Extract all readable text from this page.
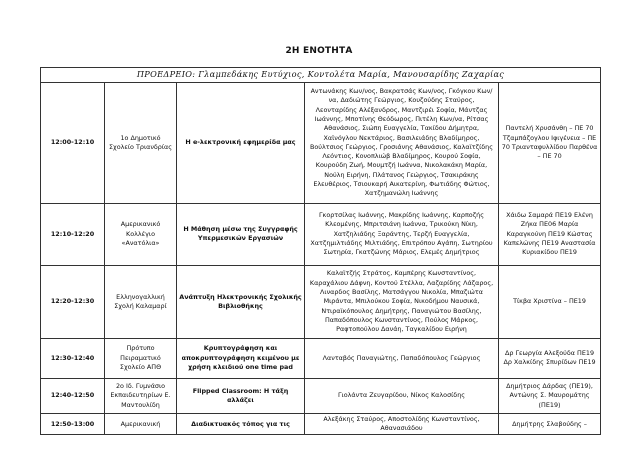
2Η ΕΝΟΤΗΤΑ
ΠΡΟΕΔΡΕΙΟ: Γλαμπεδάκης Ευτύχιος, Κοντολέτα Μαρία, Μανουσαρίδης Ζαχαρίας				
12:00-12:10	1ο Δημοτικό Σχολείο Τριανδρίας	Η e-λεκτρονική εφημερίδα μας	Αντωνάκης Κων/νος, Βακρατσάς Κων/νος, Γκόγκου Κων/να, Δαδιώτης Γεώργιος, Κουζούδης Σταύρος, Λεονταρίδης Αλέξανδρος, Μαντζιρέι Σοφία, Μάντζας Ιωάννης, Μποτίνης Θεόδωρος, Πιτέλη Κων/να, Ρίτσας Αθανάσιος, Σιώπη Ευαγγελία, Τακίδου Δήμητρα, Χαϊνόγλου Νεκτάριος, Βασιλειάδης Βλαδίμηρος, Βούλτσιος Γεώργιος, Γροσιάνης Αθανάσιος, Καλαϊτζίδης Λεόντιος, Κονοπλιώβ Βλαδίμηρος, Κουρού Σοφία, Κουρούδη Ζωή, Μουμτζή Ιωάννα, Νικολακάκη Μαρία, Νούλη Ειρήνη, Πλάτανος Γεώργιος, Τσακιράκης Ελευθέριος, Τσιουκαρή Αικατερίνη, Φωτιάδης Φώτιος, Χατζημανώλη Ιωάννης	Παντελή Χρυσάνθη – ΠΕ 70 Τζαμπάζογλου Ιφιγένεια – ΠΕ 70 Τριανταφυλλίδου Παρθένα – ΠΕ 70
12:10-12:20	Αμερικανικό Κολλέγιο «Ανατόλια»	Η Μάθηση μέσω της Συγγραφής Υπερμεσικών Εργασιών	Γκορτσίλας Ιωάννης, Μακρίδης Ιωάννης, Καρποζής Κλεομένης, Μπριτσιάνη Ιωάννα, Τρικούκη Νίκη, Χατζηλιάδης Ξαράντης, Τερζή Ευαγγελία, Χατζημιλτιάδης Μιλτιάδης, Επιτρόπου Αγάπη, Σωτηρίου Σωτηρία, Γκατζώνης Μάριος, Ελεμές Δημήτριος	Χάιδω Σαμαρά ΠΕ19 Ελένη Ζήκα ΠΕ06 Μαρία Καραγκούνη ΠΕ19 Κώστας Καπελώνης ΠΕ19 Αναστασία Κυριακίδου ΠΕ19
12:20-12:30	Ελληνογαλλική Σχολή Καλαμαρί	Ανάπτυξη Ηλεκτρονικής Σχολικής Βιβλιοθήκης	Καλαϊτζής Στράτος, Καμπέρης Κωνσταντίνος, Καραχάλιου Δάφνη, Κοντού Στέλλα, Λαζαρίδης Λάζαρος, Λιναρδος Βασίλης, Ματσάγγου Νικολία, Μπαζιώτα Μιράντα, Μπιλούκου Σοφία, Νικοδήμου Ναυσικά, Ντιραϊκόπουλος Δημήτρης, Παναγιώτου Βασίλης, Παπαδόπουλος Κωνσταντίνος, Πούλος Μάρκος, Ραφτοπούλου Δανάη, Ταγκαλίδου Ειρήνη	Τίκβα Χριστίνα – ΠΕ19
12:30-12:40	Πρότυπο Πειραματικό Σχολείο ΑΠΘ	Κρυπτογράφηση και αποκρυπτογράφηση κειμένου με χρήση κλειδιού one time pad	Λανταβός Παναγιώτης, Παπαδόπουλος Γεώργιος	Δρ Γεωργία Αλεξούδα ΠΕ19 Δρ Χαλκίδης Σπυρίδων ΠΕ19
12:40-12:50	2ο Ιδ. Γυμνάσιο Εκπαιδευτηρίων Ε. Μαντουλίδη	Flipped Classroom: Η τάξη αλλάζει	Γιολάντα Ζευγαρίδου, Νίκος Καλοσίδης	Δημήτριος Δάρδας (ΠΕ19), Αντώνης Σ. Μαυρομάτης (ΠΕ19)
12:50-13:00	Αμερικανική	Διαδικτυακός τόπος για τις	Αλεξάκης Σταύρος, Αποστολίδης Κωνσταντίνος, Αθανασιάδου	Δημήτρης Σλαβούδης –
